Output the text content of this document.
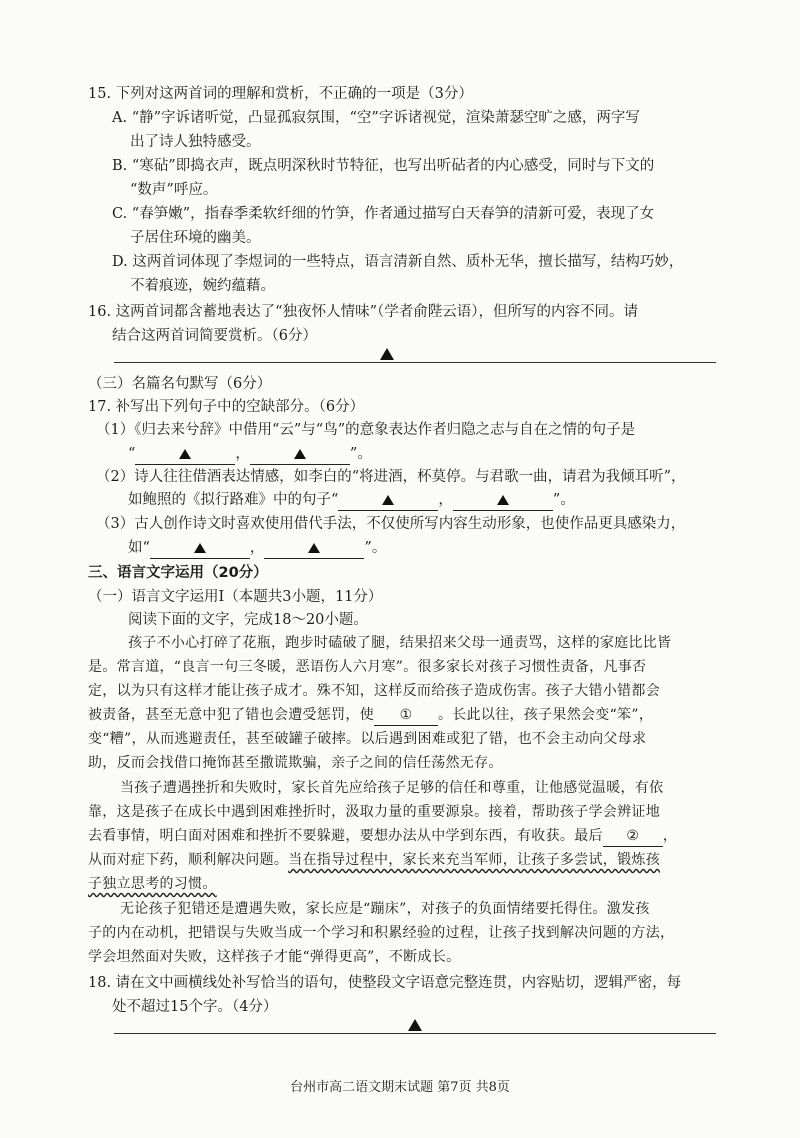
15. 下列对这两首词的理解和赏析，不正确的一项是（3分）
A. “静”字诉诸听觉，凸显孤寂氛围，“空”字诉诸视觉，渲染萧瑟空旷之感，两字写
出了诗人独特感受。
B. “寒砧”即捣衣声，既点明深秋时节特征，也写出听砧者的内心感受，同时与下文的
“数声”呼应。
C. “春笋嫩”，指春季柔软纤细的竹笋，作者通过描写白天春笋的清新可爱，表现了女
子居住环境的幽美。
D. 这两首词体现了李煜词的一些特点，语言清新自然、质朴无华，擅长描写，结构巧妙，
不着痕迹，婉约蕴藉。
16. 这两首词都含蓄地表达了“独夜怀人情味”（学者俞陛云语），但所写的内容不同。请
结合这两首词简要赏析。（6分）
（三）名篇名句默写（6分）
17. 补写出下列句子中的空缺部分。（6分）
（1）《归去来兮辞》中借用“云”与“鸟”的意象表达作者归隐之志与自在之情的句子是
“	，	”。
（2）诗人往往借酒表达情感，如李白的“将进酒，杯莫停。与君歌一曲，请君为我倾耳听”，
如鲍照的《拟行路难》中的句子“	，	”。
（3）古人创作诗文时喜欢使用借代手法，不仅使所写内容生动形象，也使作品更具感染力，
如“	，	”。
三、语言文字运用（20分）
（一）语言文字运用Ⅰ（本题共3小题，11分）
阅读下面的文字，完成18～20小题。
孩子不小心打碎了花瓶，跑步时磕破了腿，结果招来父母一通责骂，这样的家庭比比皆
是。常言道，“良言一句三冬暖，恶语伤人六月寒”。很多家长对孩子习惯性责备，凡事否
定，以为只有这样才能让孩子成才。殊不知，这样反而给孩子造成伤害。孩子大错小错都会
被责备，甚至无意中犯了错也会遭受惩罚，使 ① 。长此以往，孩子果然会变“笨”，
变“糟”，从而逃避责任，甚至破罐子破摔。以后遇到困难或犯了错，也不会主动向父母求
助，反而会找借口掩饰甚至撒谎欺骗，亲子之间的信任荡然无存。
当孩子遭遇挫折和失败时，家长首先应给孩子足够的信任和尊重，让他感觉温暖，有依
靠，这是孩子在成长中遇到困难挫折时，汲取力量的重要源泉。接着，帮助孩子学会辨证地
去看事情，明白面对困难和挫折不要躲避，要想办法从中学到东西，有收获。最后 ② ，
从而对症下药，顺利解决问题。当在指导过程中，家长来充当军师，让孩子多尝试，锻炼孩
子独立思考的习惯。
无论孩子犯错还是遭遇失败，家长应是“蹦床”，对孩子的负面情绪要托得住。激发孩
子的内在动机，把错误与失败当成一个学习和积累经验的过程，让孩子找到解决问题的方法，
学会坦然面对失败，这样孩子才能“弹得更高”，不断成长。
18. 请在文中画横线处补写恰当的语句，使整段文字语意完整连贯，内容贴切，逻辑严密，每
处不超过15个字。（4分）
台州市高二语文期末试题 第7页 共8页
